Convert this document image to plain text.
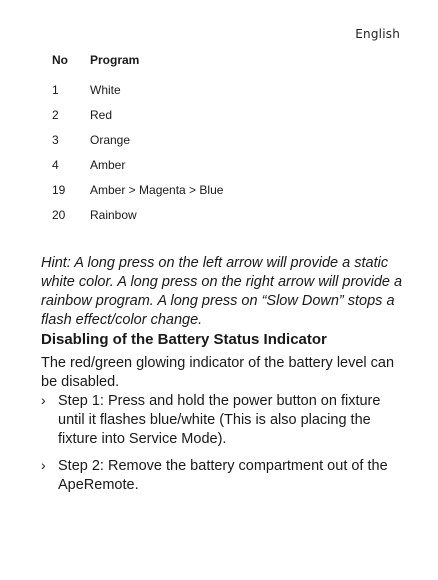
English
No	Program
1	White
2	Red
3	Orange
4	Amber
19	Amber > Magenta > Blue
20	Rainbow

Hint: A long press on the left arrow will provide a static white color. A long press on the right arrow will provide a rainbow program. A long press on “Slow Down” stops a flash effect/color change.

Disabling of the Battery Status Indicator

The red/green glowing indicator of the battery level can be disabled.

› Step 1: Press and hold the power button on fixture until it flashes blue/white (This is also placing the fixture into Service Mode).
› Step 2: Remove the battery compartment out of the ApeRemote.
